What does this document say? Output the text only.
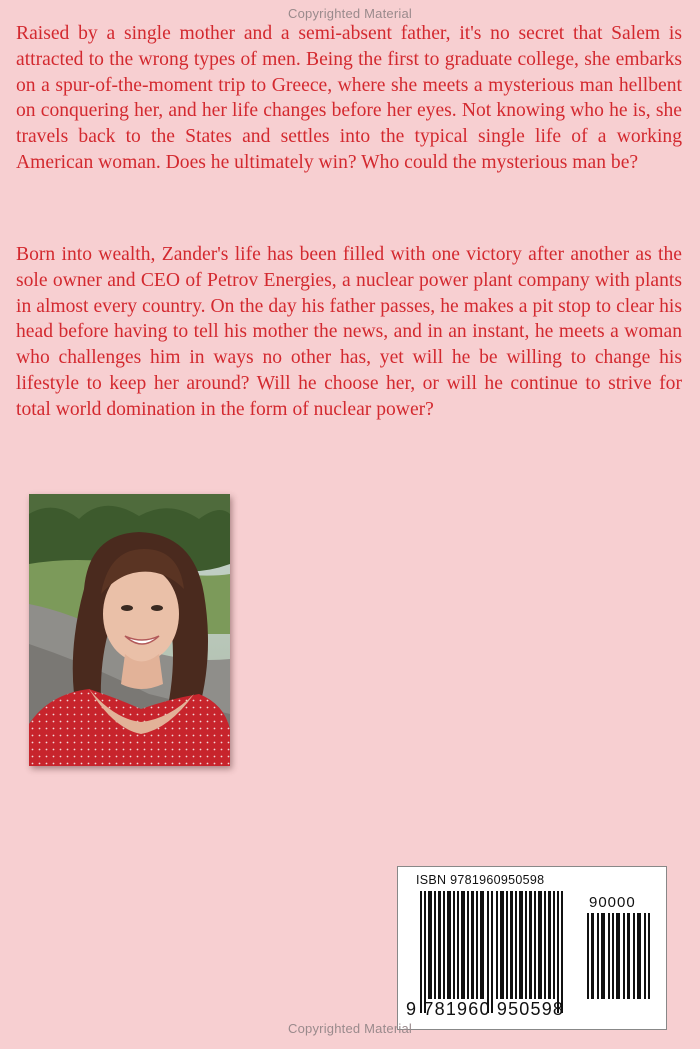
Copyrighted Material

Raised by a single mother and a semi-absent father, it's no secret that Salem is attracted to the wrong types of men. Being the first to graduate college, she embarks on a spur-of-the-moment trip to Greece, where she meets a mysterious man hellbent on conquering her, and her life changes before her eyes. Not knowing who he is, she travels back to the States and settles into the typical single life of a working American woman. Does he ultimately win? Who could the mysterious man be?

Born into wealth, Zander's life has been filled with one victory after another as the sole owner and CEO of Petrov Energies, a nuclear power plant company with plants in almost every country. On the day his father passes, he makes a pit stop to clear his head before having to tell his mother the news, and in an instant, he meets a woman who challenges him in ways no other has, yet will he be willing to change his lifestyle to keep her around? Will he choose her, or will he continue to strive for total world domination in the form of nuclear power?

ISBN 9781960950598
90000
9 781960 950598
Copyrighted Material
